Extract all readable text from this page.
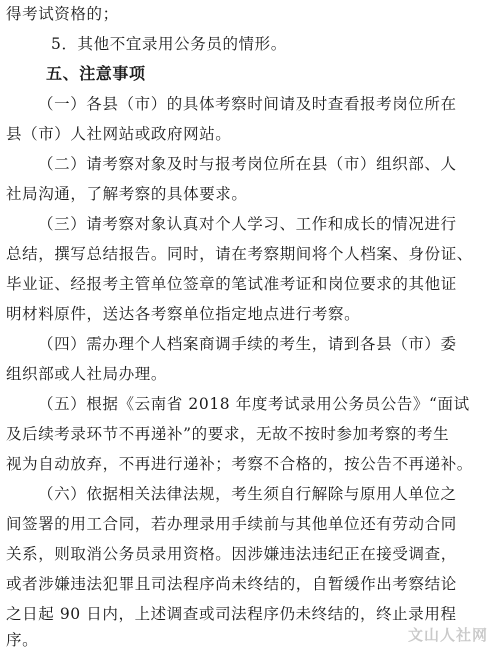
得考试资格的；
5．其他不宜录用公务员的情形。
五、注意事项
（一）各县（市）的具体考察时间请及时查看报考岗位所在
县（市）人社网站或政府网站。
（二）请考察对象及时与报考岗位所在县（市）组织部、人
社局沟通，了解考察的具体要求。
（三）请考察对象认真对个人学习、工作和成长的情况进行
总结，撰写总结报告。同时，请在考察期间将个人档案、身份证、
毕业证、经报考主管单位签章的笔试准考证和岗位要求的其他证
明材料原件，送达各考察单位指定地点进行考察。
（四）需办理个人档案商调手续的考生，请到各县（市）委
组织部或人社局办理。
（五）根据《云南省 2018 年度考试录用公务员公告》“面试
及后续考录环节不再递补”的要求，无故不按时参加考察的考生
视为自动放弃，不再进行递补；考察不合格的，按公告不再递补。
（六）依据相关法律法规，考生须自行解除与原用人单位之
间签署的用工合同，若办理录用手续前与其他单位还有劳动合同
关系，则取消公务员录用资格。因涉嫌违法违纪正在接受调查，
或者涉嫌违法犯罪且司法程序尚未终结的，自暂缓作出考察结论
之日起 90 日内，上述调查或司法程序仍未终结的，终止录用程
序。	文山人社网
